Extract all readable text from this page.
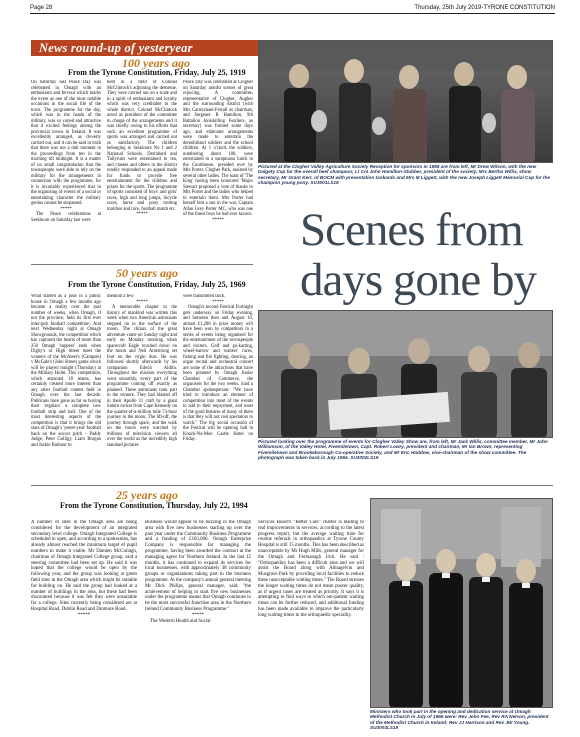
Page 28	Thursday, 25th July 2019-TYRONE CONSTITUTION
News round-up of yesteryear
100 years ago
From the Tyrone Constitution, Friday, July 25, 1919

On Saturday last Peace Day was celebrated in Omagh with an enthusiasm and fervour which marks the event as one of the most notable occasions in the social life of the town. The programme for the day, which was in the hands of the military, was so varied and attractive that it excited feelings among the provincial towns in Ireland. It was excellently arranged, as cleverly carried out, and it can be said in truth that there was not a dull moment in the proceedings from ten in the morning till midnight. It is a matter of no small congratulation that the townspeople were able to rely on the military for the arrangements in connection with the programme, for it is invariably experienced that in the organising of events of a social or entertaining character the military genius cannot be surpassed.

*****

The Peace celebrations at Seskinore on Saturday last were

held in a field of Colonel McClintock's adjoining the demesne. They were carried out on a scale and in a spirit of enthusiasm and loyalty which was very creditable to the whole district. Colonel McClintock acted as president of the committee in charge of the arrangements and it was chiefly owing to his efforts that such an excellent programme of sports was arranged and carried out so satisfactory. The children belonging to Seskinore No 1 and 2 National Schools, Derrabard and Tullyrush were entertained to tea, and classes and others in the district readily responded to an appeal made for funds to provide free entertainment for the children and prizes for the sports. The programme of sports consisted of boys' and girls' races, high and long jumps, bicycle races, horse and pony trotting matches and race, football match etc.

*****

Peace Day was celebrated at Clogher on Saturday amidst scenes of great rejoicing. A committee, representative of Clogher, Augher and the surrounding district (with Mrs Carmichael-Ferrall as chairman, and Sergeant R Hamilton, 9th Battalion Inniskilling Fusiliers, as secretary) was formed some days ago, and elaborate arrangements were made to entertain the demobilised soldiers and the school children. At 1 o'clock the soldiers, numbering about 100, were entertained to a sumptuous lunch in the Courthouse, presided over by Mrs Porter, Clogher Park, assisted by several other ladies. The toast of 'The King' having been honoured 'Major Stewart proposed a vote of thanks to Mrs Porter and the ladies who helped to entertain them. Mrs Porter had herself lent a son in the war, Captain Allan Grey Porter MC, who was one of the finest boys he had ever known.

*****
Pictured at the Clogher Valley Agriculture Society Reception for sponsors in 1985 are from left, Mr Drew Wilson, with the new Dalgety Cup for the overall beef champion; Lt Col John Hamilton-Stubber, president of the society, Mrs Bertha Willis, show secretary, Mr Grant Kerr, of BOCM with presentation tankards and Mrs M Liggett, with the new Joseph Liggett Memorial Cup for the champion young pony. SU3001LS19
Scenes from days gone by
50 years ago
From the Tyrone Constitution, Friday, July 25, 1969

What started as a joke in a public house in Omagh a few months ago became a reality over the past number of weeks, when Omagh, if not the province, held its first ever inter-pub football competition. And next Wednesday night at Omagh Showgrounds, the competition which has captured the hearts of more than 250 Omagh 'suppers' ends when Digby's or High Street meet the winners of the McAleer's (Campsie) v McGale's (John Street) game which will be played tonight (Thursday) at the Military Holm. This competition, which attracted 18 teams, has certainly created more interest than any other football contest held in Omagh over the last decade. Publicans have gone as far as buying their 'regulars' a complete new football strip and ball. One of the most interesting aspects of the competition is that it brings the old stars of Omagh's 'yester-year' football back on the soccer pitch - Paddy Judge, Peter Golligy, Liam Brogan and Jackie Barbour to

mention a few

*****

A memorable chapter in the history of mankind was written this week when two American astronauts stepped on to the surface of the moon. The climax of the great adventure came on Sunday night and early on Monday morning when spacecraft Eagle touched down on the moon and Neil Armstrong set foot on the virgin dust. He was followed shortly afterwards by his companion Edwin Aldrin. Throughout the mission everything went smoothly, every part of the programme coming off exactly as planned. These astronauts took part in the venture. They had blasted off in their Apollo 11 craft by a giant Saturn rocket from Cape Kennedy on the quarter-of-a-million mile 73-hour journey to the moon. The lift-off, the journey through space, and the walk on the moon were watched by millions of television viewers all over the world as the incredibly high standard pictures

were transmitted back.

*****

Omagh's second Festival Fortnight gets underway on Friday evening, and between then and August 10, almost £1,200 in prize money will have been won by competitors in a series of events being organised for the entertainment of the townspeople and visitors. Golf and go-karting, wheel-barrow and waiters' races, fishing and fire fighting, dancing, an organ recital and orchestral concert are some of the attractions that have been planned by Omagh Junior Chamber of Commerce, the organisers for the two weeks. Said a Chamber spokesperson: "We have tried to introduce an element of competition into most of the events to add to their enjoyment, and most of the good features of many of them is that they will not cost spectators to watch." The big social occasion of the Festival will be opening ball in Knock-Na-Moe Castle Hotel on Friday.	Pictured looking over the programme of events for Clogher Valley Show are, from left, Mr Jack Willis, committee member, Mr John Williamson, of the Valley Hotel, Fivemiletown, Capt. Robert Lowry, president and chairman, Mr Ian Brown, representing Fivemiletown and Brookeborough Co-operative Society, and Mr Eric Haddow, vice-chairman of the show committee. The photograph was taken back in July 1994. SU3002LS19
25 years ago
From the Tyrone Constitution, Thursday, July 22, 1994

A number of sites in the Omagh area are being considered for the development of an integrated secondary level college. Omagh Integrated College is scheduled to open, and according to a spokesman, has already almost reached the minimum target of pupil numbers to make it viable. Mr Damien McCullagh, chairman of Omagh Integrated College group, said a steering committee had been set up. He said it was hoped that the college would be open by the following year, and the group was looking at green field sites in the Omagh area which might be suitable for building on. He said the group had looked at a number of buildings in the area, but these had been discounted because it was felt they were unsuitable for a college. Sites currently being considered are at Hospital Road, Dublin Road and Dromore Road.

*****

Business would appear to be buzzing in the Omagh area with five new businesses starting up over the past year under the Community Business Programme and a funding of £103,000. Omagh Enterprise Company is responsible for managing the programme, having been awarded the contract at the managing agent for Northern Ireland. In the last 12 months, it has continued to expand its services for local businesses, with approximately 38 community groups or organisations taking part in the business programme. At the company's annual general meeting Mr Dick Philips, general manager, said: "the achievement of helping to start five new businesses under the programme means that Omagh continues to be the most successful franchise area in the Northern Ireland Community Business Programme."

*****

The Western Health and Social

Services Board's "Better Care" charter is leading to real improvements in services, according to the latest progress report, but the average waiting time for routine referrals in orthopaedics at Tyrone County Hospital is still 15 months. This has been described as unacceptable by Mr Hugh Mills, general manager for the Omagh and Fermanagh Unit. He said : "Orthopaedics has been a difficult area and we will assist the Board along with Altnagelvin and Musgrave Park by providing local facilities to reduce these unacceptable waiting times." The Board stresses the longer waiting times do not mean poorer quality, as if urgent cases are treated as priority. It says it is attempting to find ways in which out-patient waiting times can be further reduced, and additional funding has been made available to improve the particularly long waiting times in the orthopaedic speciality.

Ministers who took part in the opening and dedication service at Omagh Methodist Church in July of 1966 were: Rev John Fee, Rev RA Nelson, president of the Methodist Church in Ireland; Rev JJ Harrison and Rev JW Young. SU3003LS19
